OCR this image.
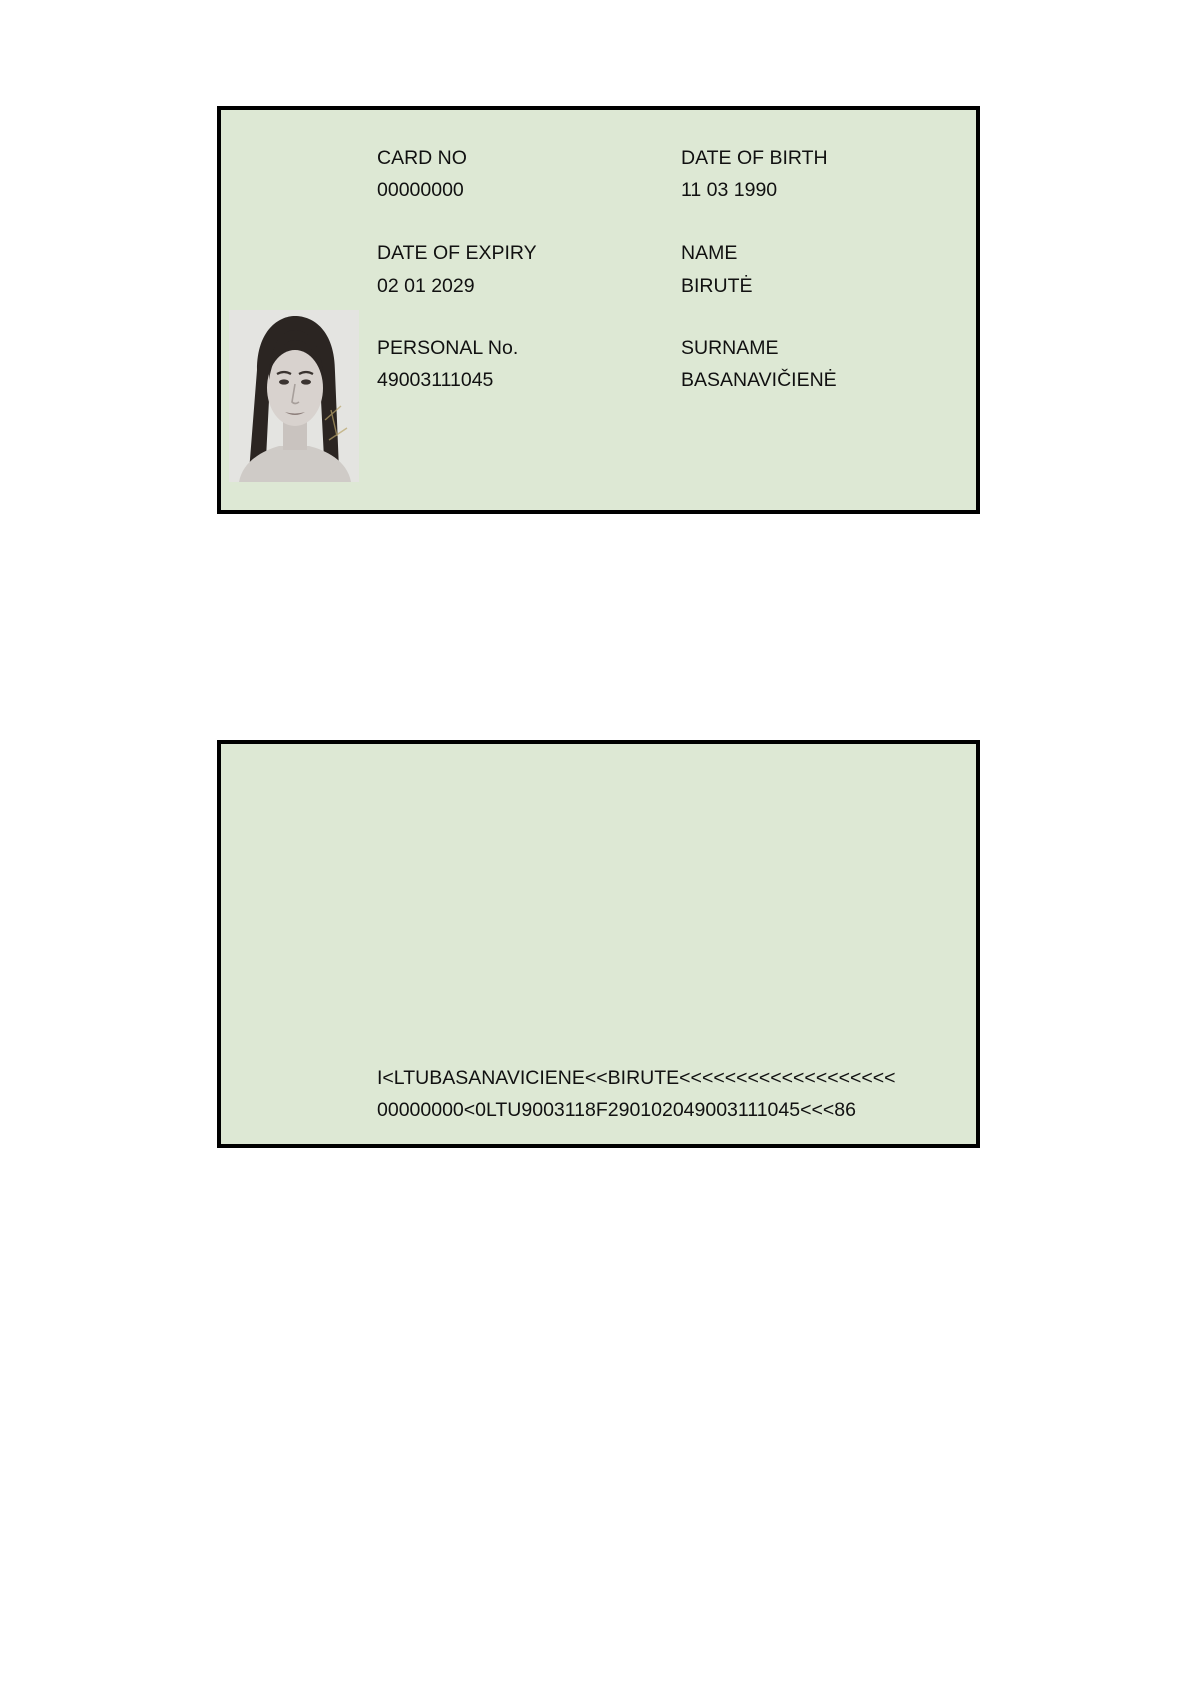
CARD NO
00000000
DATE OF EXPIRY
02 01 2029
PERSONAL No.
49003111045
DATE OF BIRTH
11 03 1990
NAME
BIRUTĖ
SURNAME
BASANAVIČIENĖ
I<LTUBASANAVICIENE<<BIRUTE<<<<<<<<<<<<<<<<<<<
00000000<0LTU9003118F290102049003111045<<<86
